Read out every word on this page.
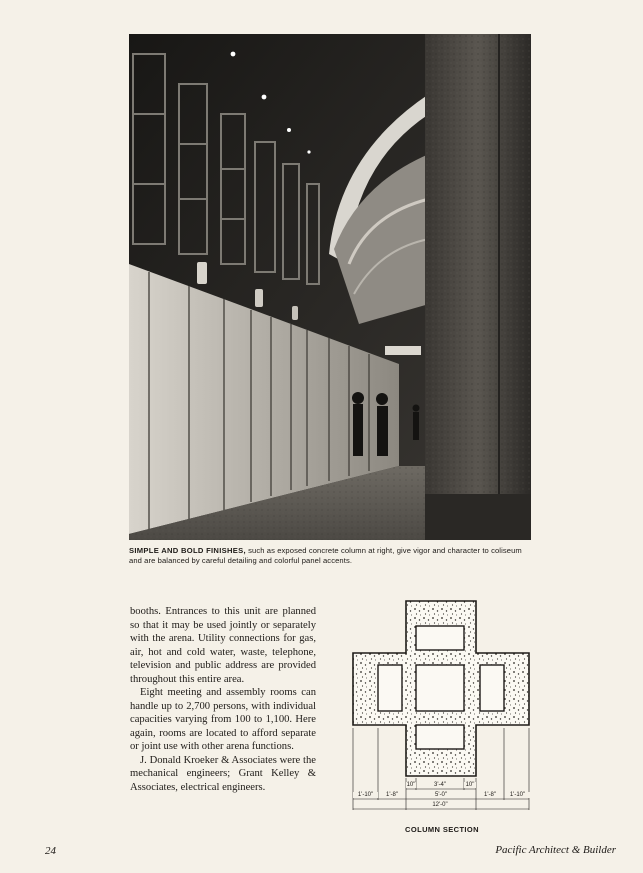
SIMPLE AND BOLD FINISHES, such as exposed concrete column at right, give vigor and character to coliseum and are balanced by careful detailing and colorful panel accents.

booths. Entrances to this unit are planned so that it may be used jointly or separately with the arena. Utility connections for gas, air, hot and cold water, waste, telephone, television and public address are provided throughout this entire area.

Eight meeting and assembly rooms can handle up to 2,700 persons, with individual capacities varying from 100 to 1,100. Here again, rooms are located to afford separate or joint use with other arena functions.

J. Donald Kroeker & Associates were the mechanical engineers; Grant Kelley & Associates, electrical engineers.	10"	3'-4"	10"
1'-10"	1'-8"	5'-0"	1'-8"	1'-10"
12'-0"
COLUMN SECTION
24	Pacific Architect & Builder
